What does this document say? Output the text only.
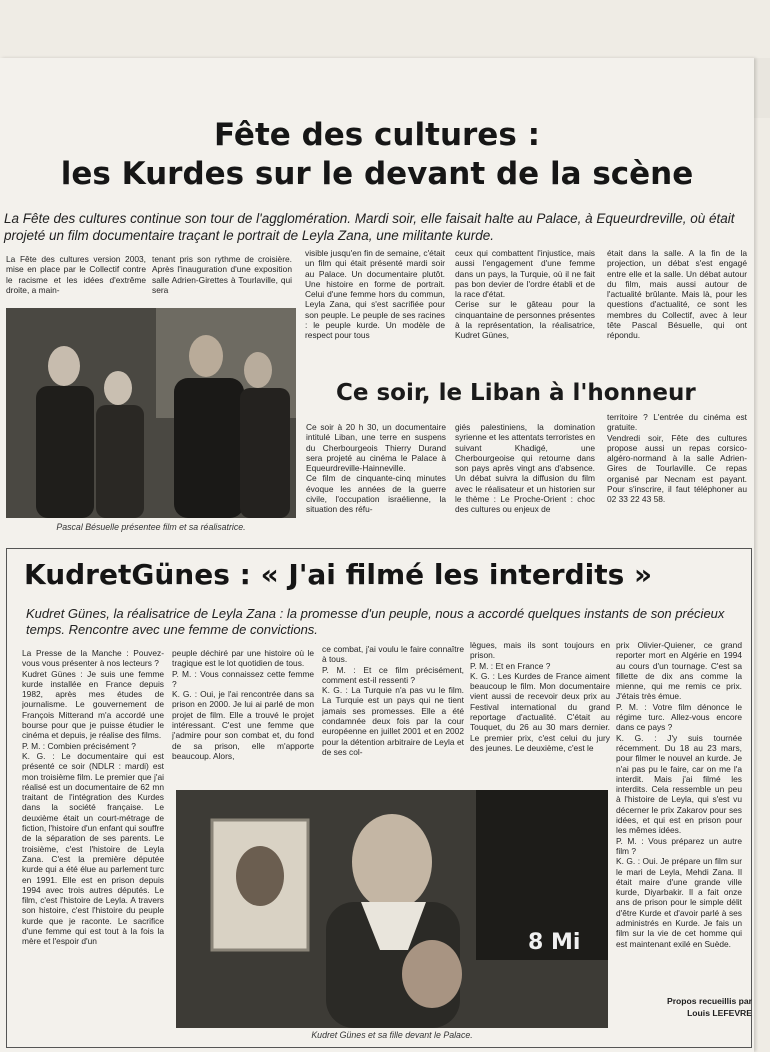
Fête des cultures :
les Kurdes sur le devant de la scène
La Fête des cultures continue son tour de l'agglomération. Mardi soir, elle faisait halte au Palace, à Equeurdreville, où était projeté un film documentaire traçant le portrait de Leyla Zana, une militante kurde.
La Fête des cultures version 2003, mise en place par le Collectif contre le racisme et les idées d'extrême droite, a main-
tenant pris son rythme de croisière. Après l'inauguration d'une exposition salle Adrien-Girettes à Tourlaville, qui sera
visible jusqu'en fin de semaine, c'était un film qui était présenté mardi soir au Palace. Un documentaire plutôt. Une histoire en forme de portrait. Celui d'une femme hors du commun, Leyla Zana, qui s'est sacrifiée pour son peuple. Le peuple de ses racines : le peuple kurde. Un modèle de respect pour tous
ceux qui combattent l'injustice, mais aussi l'engagement d'une femme dans un pays, la Turquie, où il ne fait pas bon devier de l'ordre établi et de la race d'état.
Cerise sur le gâteau pour la cinquantaine de personnes présentes à la représentation, la réalisatrice, Kudret Günes,
était dans la salle. A la fin de la projection, un débat s'est engagé entre elle et la salle. Un débat autour du film, mais aussi autour de l'actualité brûlante. Mais là, pour les questions d'actualité, ce sont les membres du Collectif, avec à leur tête Pascal Bésuelle, qui ont répondu.
Pascal Bésuelle présentee film et sa réalisatrice.
Ce soir, le Liban à l'honneur
Ce soir à 20 h 30, un documentaire intitulé Liban, une terre en suspens du Cherbourgeois Thierry Durand sera projeté au cinéma le Palace à Equeurdreville-Hainneville.
Ce film de cinquante-cinq minutes évoque les années de la guerre civile, l'occupation israélienne, la situation des réfu-
giés palestiniens, la domination syrienne et les attentats terroristes en suivant Khadigé, une Cherbourgeoise qui retourne dans son pays après vingt ans d'absence. Un débat suivra la diffusion du film avec le réalisateur et un historien sur le thème : Le Proche-Orient : choc des cultures ou enjeux de
territoire ? L'entrée du cinéma est gratuite.
Vendredi soir, Fête des cultures propose aussi un repas corsico-algéro-normand à la salle Adrien-Gires de Tourlaville. Ce repas organisé par Necnam est payant. Pour s'inscrire, il faut téléphoner au 02 33 22 43 58.
KudretGünes : « J'ai filmé les interdits »
Kudret Günes, la réalisatrice de Leyla Zana : la promesse d'un peuple, nous a accordé quelques instants de son précieux temps. Rencontre avec une femme de convictions.
La Presse de la Manche : Pouvez-vous vous présenter à nos lecteurs ?
Kudret Günes : Je suis une femme kurde installée en France depuis 1982, après mes études de journalisme. Le gouvernement de François Mitterand m'a accordé une bourse pour que je puisse étudier le cinéma et depuis, je réalise des films.
P. M. : Combien précisément ?
K. G. : Le documentaire qui est présenté ce soir (NDLR : mardi) est mon troisième film. Le premier que j'ai réalisé est un documentaire de 62 mn traitant de l'intégration des Kurdes dans la société française. Le deuxième était un court-métrage de fiction, l'histoire d'un enfant qui souffre de la séparation de ses parents. Le troisième, c'est l'histoire de Leyla Zana. C'est la première députée kurde qui a été élue au parlement turc en 1991. Elle est en prison depuis 1994 avec trois autres députés. Le film, c'est l'histoire de Leyla. A travers son histoire, c'est l'histoire du peuple kurde que je raconte. Le sacrifice d'une femme qui est tout à la fois la mère et l'espoir d'un
peuple déchiré par une histoire où le tragique est le lot quotidien de tous.
P. M. : Vous connaissez cette femme ?
K. G. : Oui, je l'ai rencontrée dans sa prison en 2000. Je lui ai parlé de mon projet de film. Elle a trouvé le projet intéressant. C'est une femme que j'admire pour son combat et, du fond de sa prison, elle m'apporte beaucoup. Alors,
ce combat, j'ai voulu le faire connaître à tous.
P. M. : Et ce film précisément, comment est-il ressenti ?
K. G. : La Turquie n'a pas vu le film. La Turquie est un pays qui ne tient jamais ses promesses. Elle a été condamnée deux fois par la cour européenne en juillet 2001 et en 2002 pour la détention arbitraire de Leyla et de ses col-
lègues, mais ils sont toujours en prison.
P. M. : Et en France ?
K. G. : Les Kurdes de France aiment beaucoup le film. Mon documentaire vient aussi de recevoir deux prix au Festival international du grand reportage d'actualité. C'était au Touquet, du 26 au 30 mars dernier. Le premier prix, c'est celui du jury des jeunes. Le deuxième, c'est le
prix Olivier-Quiener, ce grand reporter mort en Algérie en 1994 au cours d'un tournage. C'est sa fillette de dix ans comme la mienne, qui me remis ce prix. J'étais très émue.
P. M. : Votre film dénonce le régime turc. Allez-vous encore dans ce pays ?
K. G. : J'y suis tournée récemment. Du 18 au 23 mars, pour filmer le nouvel an kurde. Je n'ai pas pu le faire, car on me l'a interdit. Mais j'ai filmé les interdits. Cela ressemble un peu à l'histoire de Leyla, qui s'est vu décerner le prix Zakarov pour ses idées, et qui est en prison pour les mêmes idées.
P. M. : Vous préparez un autre film ?
K. G. : Oui. Je prépare un film sur le mari de Leyla, Mehdi Zana. Il était maire d'une grande ville kurde, Diyarbakir. Il a fait onze ans de prison pour le simple délit d'être Kurde et d'avoir parlé à ses administrés en Kurde. Je fais un film sur la vie de cet homme qui est maintenant exilé en Suède.
8 Mi
Kudret Günes et sa fille devant le Palace.
Propos recueillis par
Louis LEFEVRE
